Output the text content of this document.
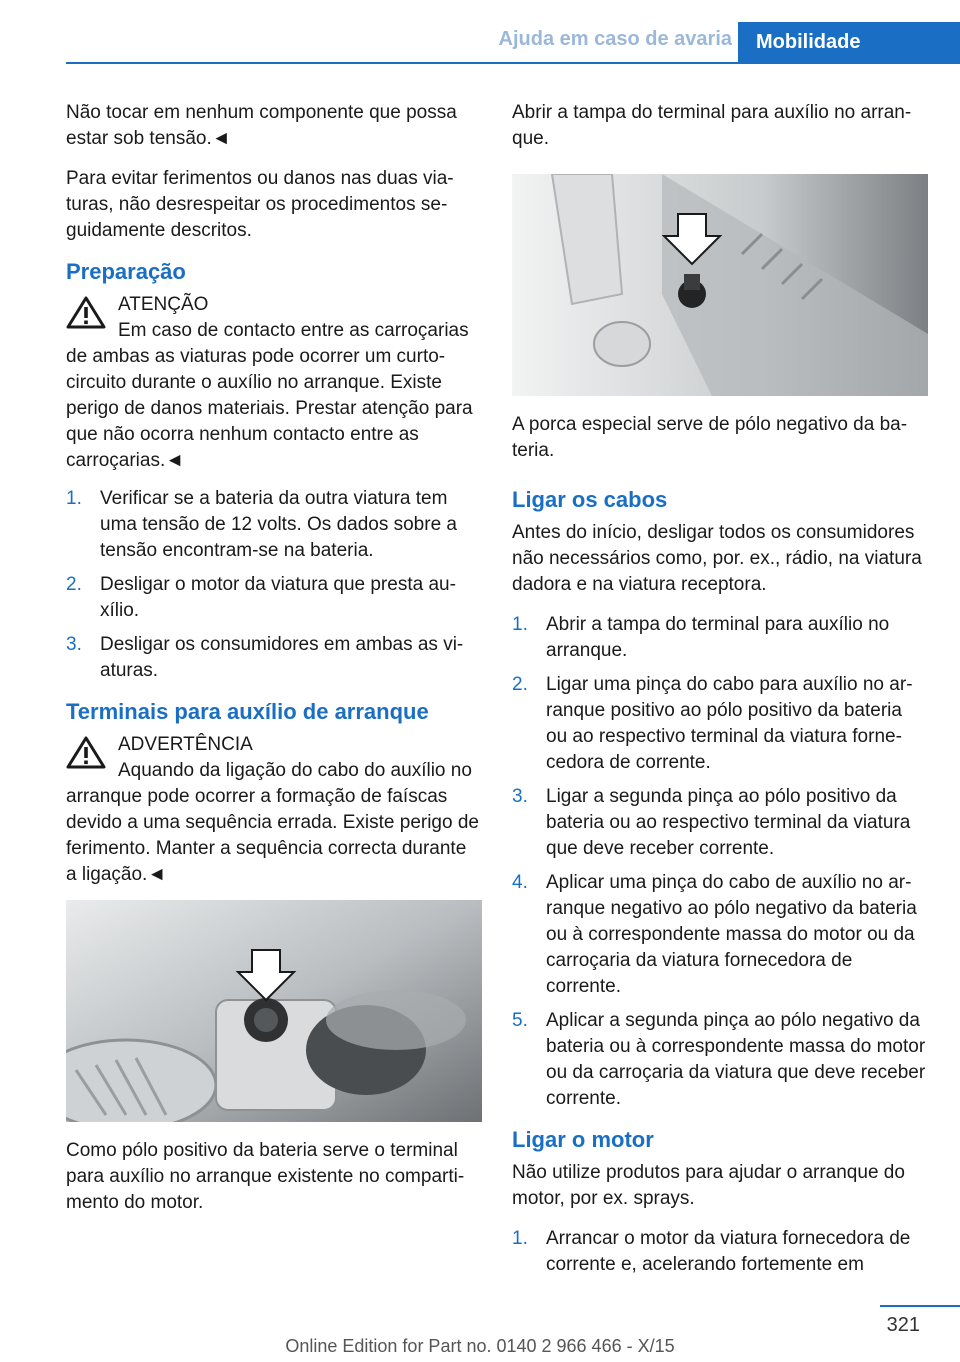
Ajuda em caso de avaria	Mobilidade

Não tocar em nenhum componente que possa estar sob tensão.◄

Para evitar ferimentos ou danos nas duas viaturas, não desrespeitar os procedimentos seguidamente descritos.

Preparação
ATENÇÃO
Em caso de contacto entre as carroçarias de ambas as viaturas pode ocorrer um curto-circuito durante o auxílio no arranque. Existe perigo de danos materiais. Prestar atenção para que não ocorra nenhum contacto entre as carroçarias.◄
1. Verificar se a bateria da outra viatura tem uma tensão de 12 volts. Os dados sobre a tensão encontram-se na bateria.
2. Desligar o motor da viatura que presta auxílio.
3. Desligar os consumidores em ambas as viaturas.
Terminais para auxílio de arranque
ADVERTÊNCIA
Aquando da ligação do cabo do auxílio no arranque pode ocorrer a formação de faíscas devido a uma sequência errada. Existe perigo de ferimento. Manter a sequência correcta durante a ligação.◄

Como pólo positivo da bateria serve o terminal para auxílio no arranque existente no compartimento do motor.

Abrir a tampa do terminal para auxílio no arranque.

A porca especial serve de pólo negativo da bateria.

Ligar os cabos

Antes do início, desligar todos os consumidores não necessários como, por. ex., rádio, na viatura dadora e na viatura receptora.

1. Abrir a tampa do terminal para auxílio no arranque.
2. Ligar uma pinça do cabo para auxílio no arranque positivo ao pólo positivo da bateria ou ao respectivo terminal da viatura fornecedora de corrente.
3. Ligar a segunda pinça ao pólo positivo da bateria ou ao respectivo terminal da viatura que deve receber corrente.
4. Aplicar uma pinça do cabo de auxílio no arranque negativo ao pólo negativo da bateria ou à correspondente massa do motor ou da carroçaria da viatura fornecedora de corrente.
5. Aplicar a segunda pinça ao pólo negativo da bateria ou à correspondente massa do motor ou da carroçaria da viatura que deve receber corrente.
Ligar o motor

Não utilize produtos para ajudar o arranque do motor, por ex. sprays.

1. Arrancar o motor da viatura fornecedora de corrente e, acelerando fortemente em
321
Online Edition for Part no. 0140 2 966 466 - X/15
